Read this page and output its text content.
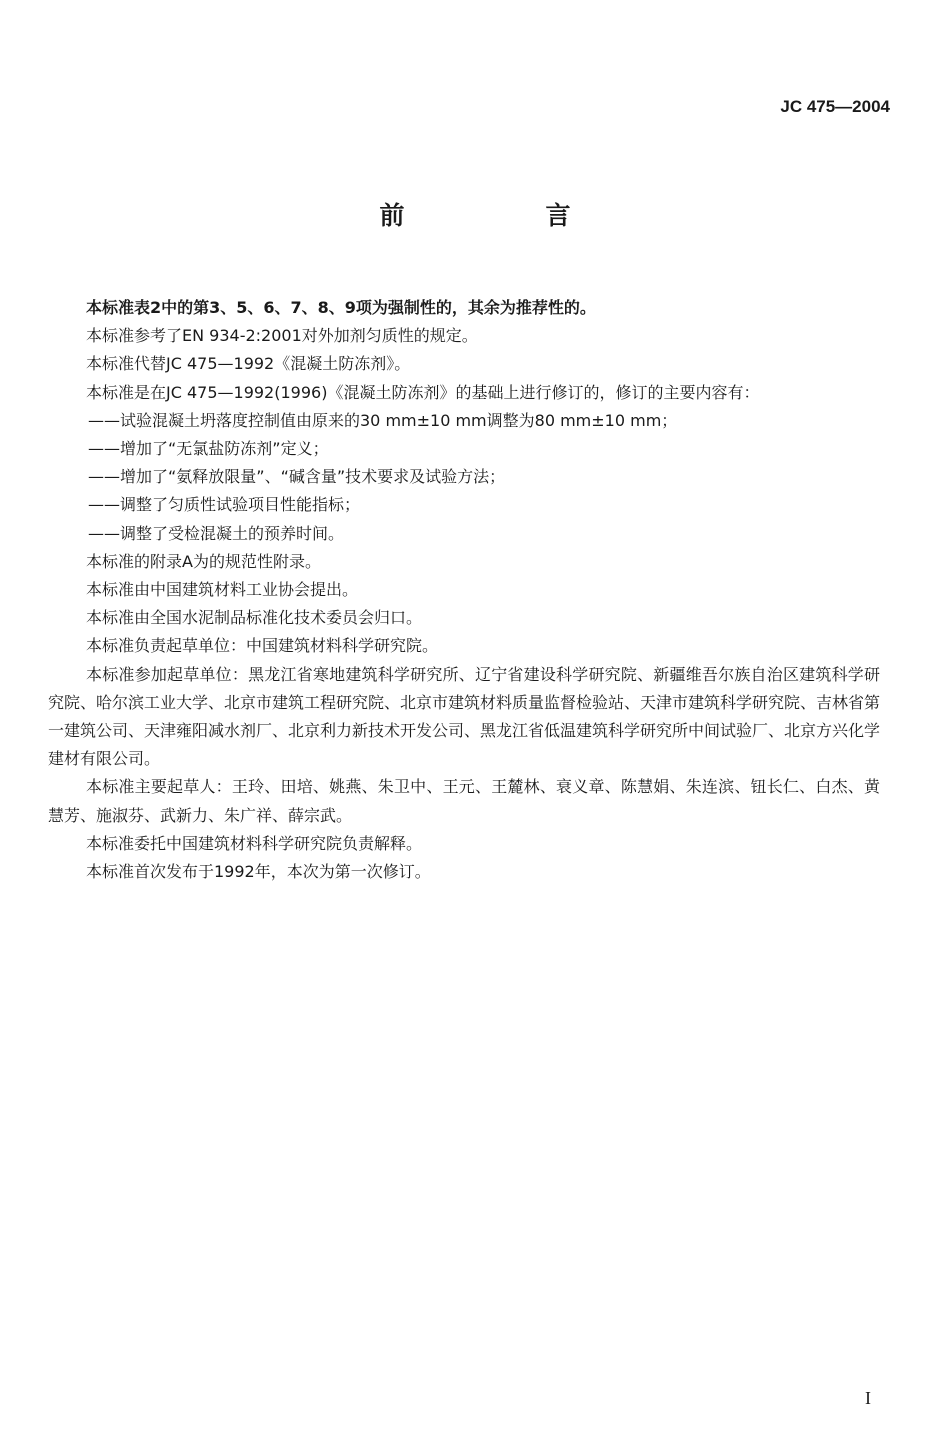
JC 475—2004
前　言

本标准表2中的第3、5、6、7、8、9项为强制性的，其余为推荐性的。

本标准参考了EN 934-2:2001对外加剂匀质性的规定。

本标准代替JC 475—1992《混凝土防冻剂》。

本标准是在JC 475—1992(1996)《混凝土防冻剂》的基础上进行修订的，修订的主要内容有：

——试验混凝土坍落度控制值由原来的30 mm±10 mm调整为80 mm±10 mm；

——增加了“无氯盐防冻剂”定义；

——增加了“氨释放限量”、“碱含量”技术要求及试验方法；

——调整了匀质性试验项目性能指标；

——调整了受检混凝土的预养时间。

本标准的附录A为的规范性附录。

本标准由中国建筑材料工业协会提出。

本标准由全国水泥制品标准化技术委员会归口。

本标准负责起草单位：中国建筑材料科学研究院。

本标准参加起草单位：黑龙江省寒地建筑科学研究所、辽宁省建设科学研究院、新疆维吾尔族自治区建筑科学研究院、哈尔滨工业大学、北京市建筑工程研究院、北京市建筑材料质量监督检验站、天津市建筑科学研究院、吉林省第一建筑公司、天津雍阳减水剂厂、北京利力新技术开发公司、黑龙江省低温建筑科学研究所中间试验厂、北京方兴化学建材有限公司。

本标准主要起草人：王玲、田培、姚燕、朱卫中、王元、王麓林、衰义章、陈慧娟、朱连滨、钮长仁、白杰、黄慧芳、施淑芬、武新力、朱广祥、薛宗武。

本标准委托中国建筑材料科学研究院负责解释。

本标准首次发布于1992年，本次为第一次修订。

I
